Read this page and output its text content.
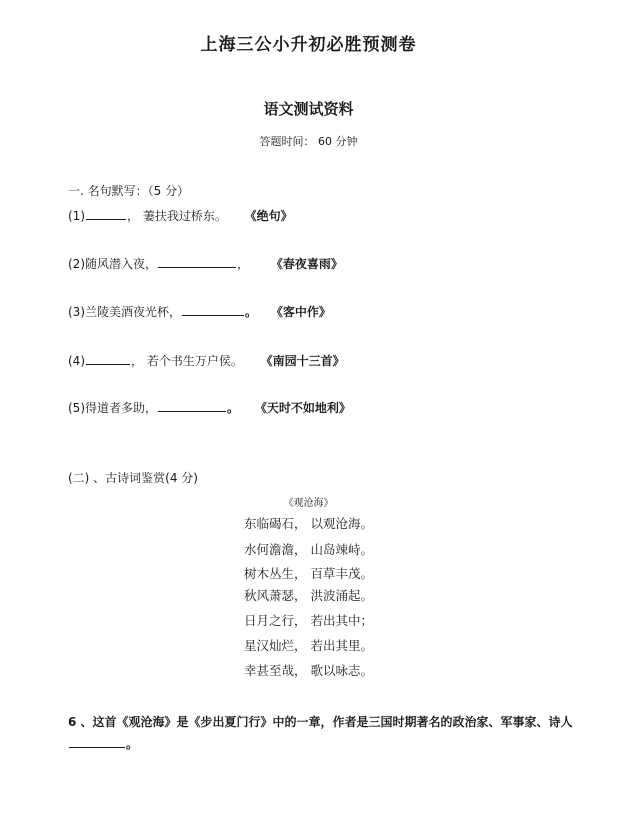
上海三公小升初必胜预测卷
语文测试资料
答题时间： 60 分钟
一. 名句默写：（5 分）
(1)	， 萋扶我过桥东。 《绝句》
(2)随风潜入夜，	， 《春夜喜雨》
(3)兰陵美酒夜光杯，	。 《客中作》
(4)	， 若个书生万户侯。 《南园十三首》
(5)得道者多助，	。 《天时不如地利》
(二) 、古诗词鉴赏(4 分)
《观沧海》
东临碣石， 以观沧海。
水何澹澹， 山岛竦峙。
树木丛生， 百草丰茂。
秋风萧瑟， 洪波涌起。
日月之行， 若出其中；
星汉灿烂， 若出其里。
幸甚至哉， 歌以咏志。
6 、这首《观沧海》是《步出夏门行》中的一章，作者是三国时期著名的政治家、军事家、诗人。
